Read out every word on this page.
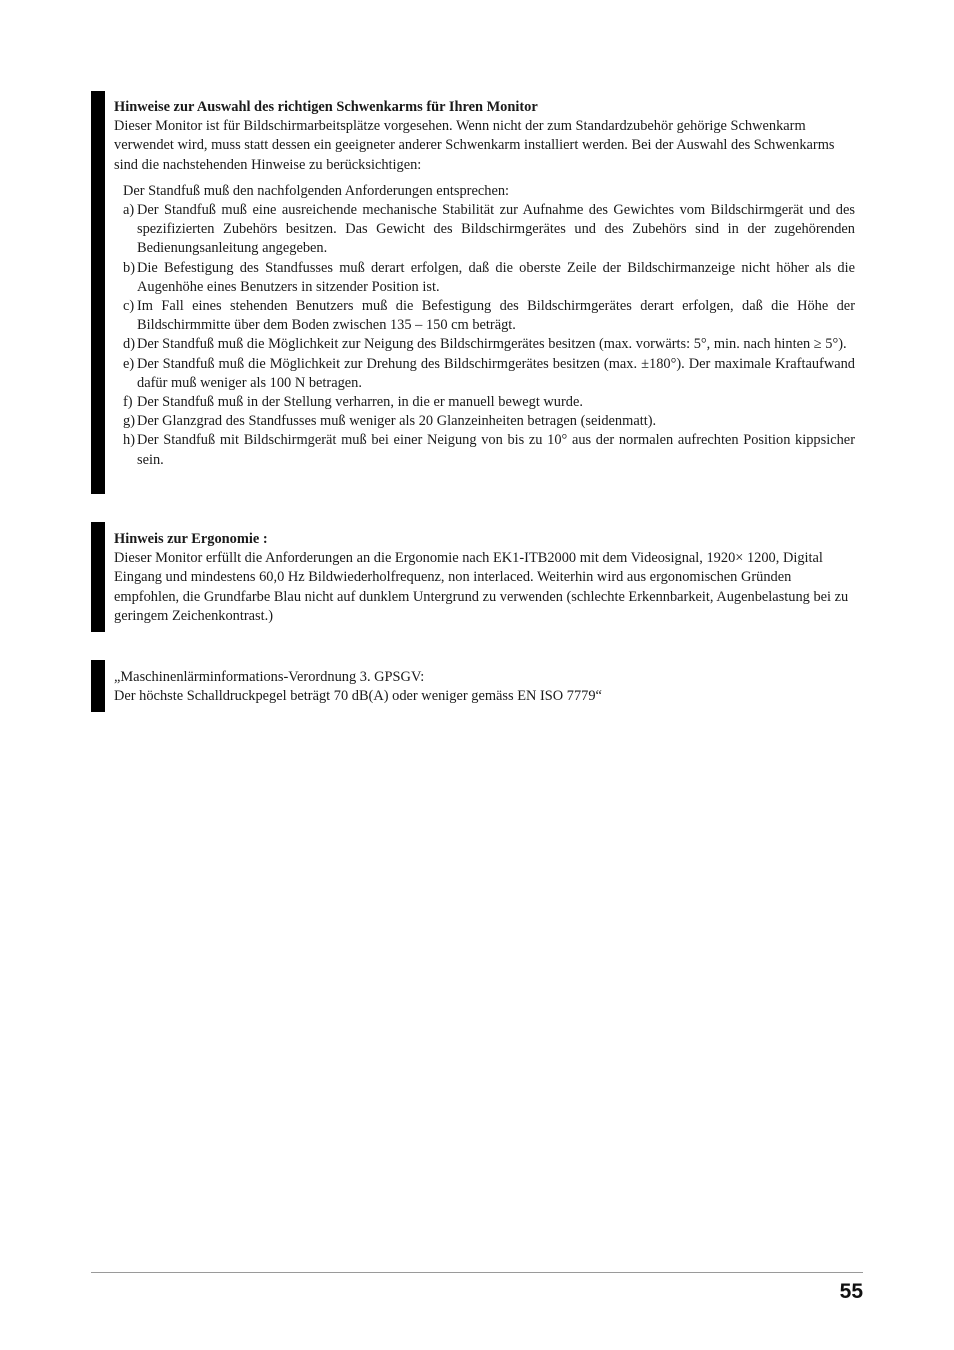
Hinweise zur Auswahl des richtigen Schwenkarms für Ihren Monitor

Dieser Monitor ist für Bildschirmarbeitsplätze vorgesehen. Wenn nicht der zum Standardzubehör gehörige Schwenkarm verwendet wird, muss statt dessen ein geeigneter anderer Schwenkarm installiert werden. Bei der Auswahl des Schwenkarms sind die nachstehenden Hinweise zu berücksichtigen:

Der Standfuß muß den nachfolgenden Anforderungen entsprechen:

a) Der Standfuß muß eine ausreichende mechanische Stabilität zur Aufnahme des Gewichtes vom Bildschirmgerät und des spezifizierten Zubehörs besitzen. Das Gewicht des Bildschirmgerätes und des Zubehörs sind in der zugehörenden Bedienungsanleitung angegeben.
b) Die Befestigung des Standfusses muß derart erfolgen, daß die oberste Zeile der Bildschirmanzeige nicht höher als die Augenhöhe eines Benutzers in sitzender Position ist.
c) Im Fall eines stehenden Benutzers muß die Befestigung des Bildschirmgerätes derart erfolgen, daß die Höhe der Bildschirmmitte über dem Boden zwischen 135 – 150 cm beträgt.
d) Der Standfuß muß die Möglichkeit zur Neigung des Bildschirmgerätes besitzen (max. vorwärts: 5°, min. nach hinten ≥ 5°).
e) Der Standfuß muß die Möglichkeit zur Drehung des Bildschirmgerätes besitzen (max. ±180°). Der maximale Kraftaufwand dafür muß weniger als 100 N betragen.
f) Der Standfuß muß in der Stellung verharren, in die er manuell bewegt wurde.
g) Der Glanzgrad des Standfusses muß weniger als 20 Glanzeinheiten betragen (seidenmatt).
h) Der Standfuß mit Bildschirmgerät muß bei einer Neigung von bis zu 10° aus der normalen aufrechten Position kippsicher sein.
Hinweis zur Ergonomie :
Dieser Monitor erfüllt die Anforderungen an die Ergonomie nach EK1-ITB2000 mit dem Videosignal, 1920× 1200, Digital Eingang und mindestens 60,0 Hz Bildwiederholfrequenz, non interlaced. Weiterhin wird aus ergonomischen Gründen empfohlen, die Grundfarbe Blau nicht auf dunklem Untergrund zu verwenden (schlechte Erkennbarkeit, Augenbelastung bei zu geringem Zeichenkontrast.)
„Maschinenlärminformations-Verordnung 3. GPSGV:
Der höchste Schalldruckpegel beträgt 70 dB(A) oder weniger gemäss EN ISO 7779“
55
